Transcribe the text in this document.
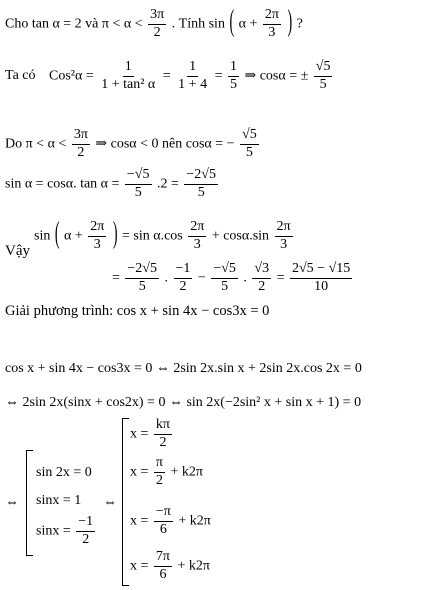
Cho tan α = 2 và $\pi < \alpha < \frac{3\pi}{2}$ . Tính sin ( $\alpha + \frac{2\pi}{3}$ ) ?
Ta có $Cos^2\alpha = \frac{1}{\text{1 + tan² α}} = \frac{1}{1 + 4} = \frac{1}{5}$ ⇒ cosα = ± $\frac{√5}{5}$
Do $\pi < \alpha < \frac{3\pi}{2}$ ⇒ cosα < 0 nên cosα = − $\frac{√5}{5}$
sin α = cosα. $\tan \alpha = \frac{-√5}{5} .2 = \frac{-2√5}{5}$
sin ( $\alpha + \frac{2\pi}{3}$ ) = $\sin \alpha.\cos \frac{2\pi}{3} + \cos\alpha.\sin \frac{2\pi}{3}$
Vậy
= $\frac{-2√5}{5}$ . $\frac{-1}{2} - \frac{-√5}{5}$ . $\frac{√3}{2} = \frac{2√5 - √15}{10}$
Giải phương trình: cos x + sin 4x − cos3x = 0
cos x + sin 4x − cos3x = 0 ⇔ 2sin 2x.sin x + 2sin 2x.cos 2x = 0
⇔ 2sin 2x(sinx + cos2x) = 0 ⇔ sin 2x(−2sin² x + sin x + 1) = 0
⇔
sin 2x = 0
sinx = 1
$\sin x = \frac{-1}{2}$
⇔
$x = \frac{k\pi}{2}$
$x = \frac{\pi}{2} + k2\pi$
$x = \frac{-\pi}{6} + k2\pi$
$x = \frac{7\pi}{6} + k2\pi$
